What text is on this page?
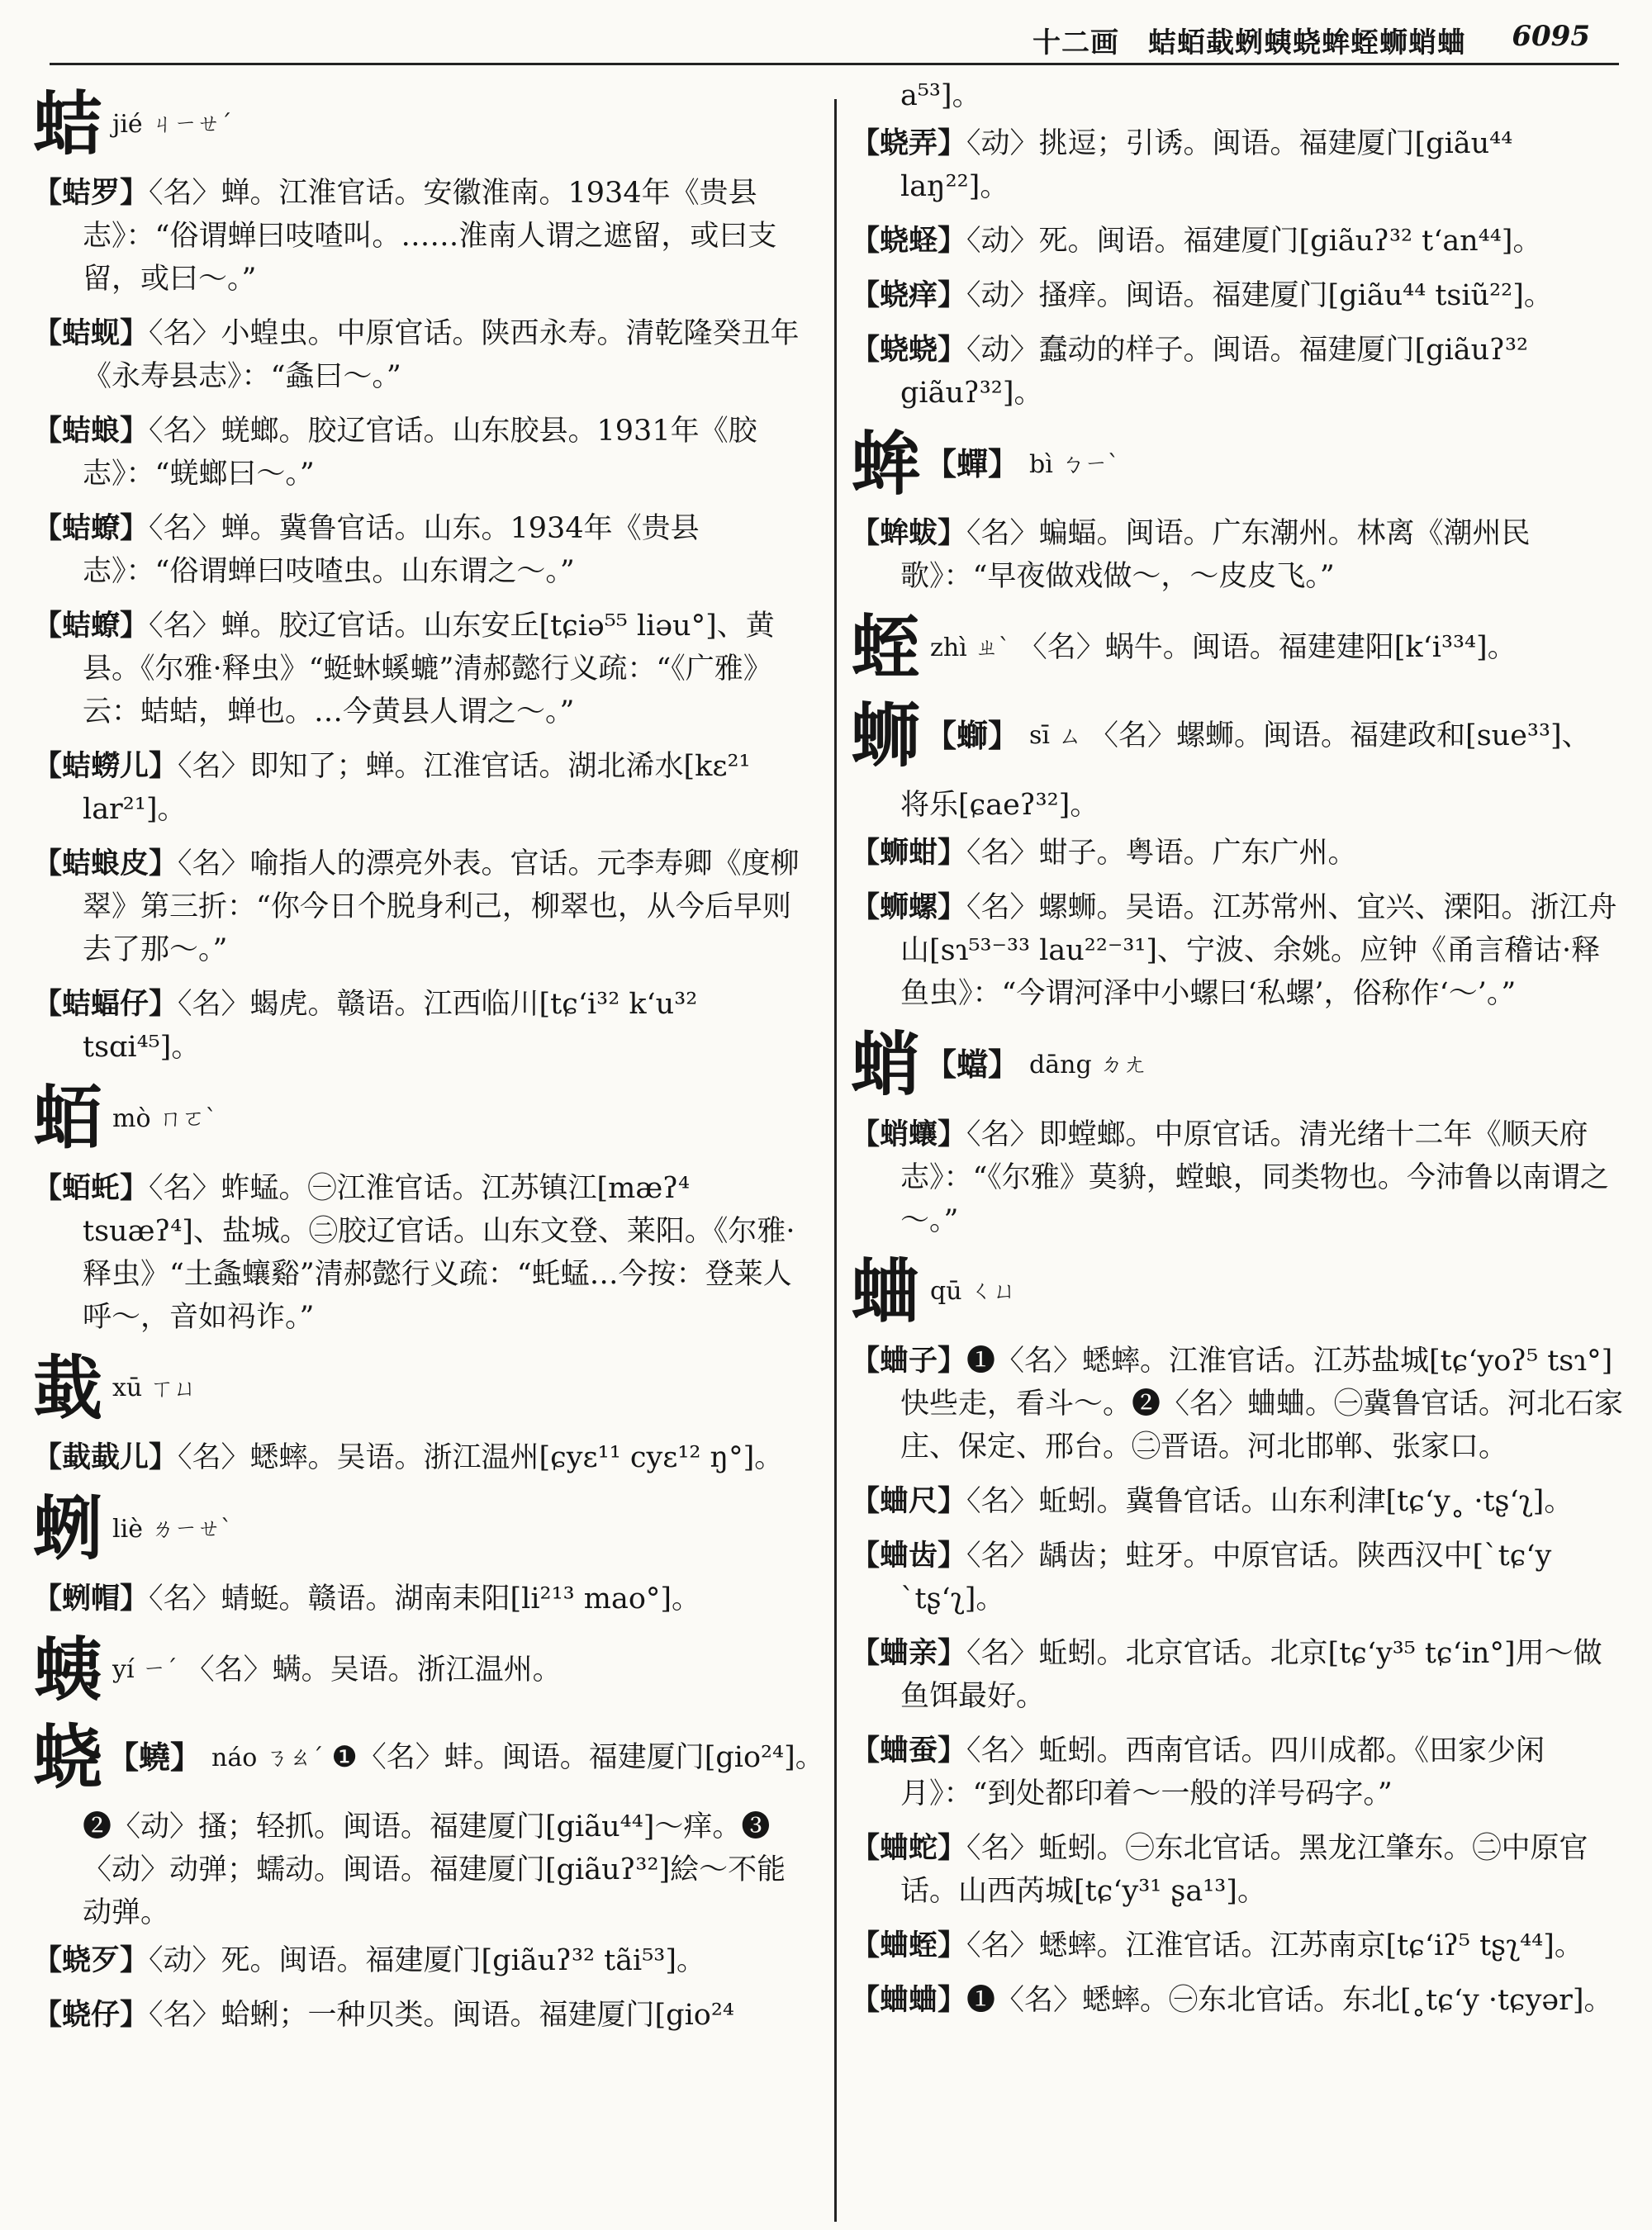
十二画　蛣蛨蛓蛚蛦蛲蛑蛭蛳蛸蛐 6095
蛣jié ㄐㄧㄝˊ

【蛣罗】〈名〉蝉。江淮官话。安徽淮南。1934年《贵县志》：“俗谓蝉曰吱喳叫。……淮南人谓之遮留，或曰支留，或曰～。”

【蛣蚬】〈名〉小蝗虫。中原官话。陕西永寿。清乾隆癸丑年《永寿县志》：“螽曰～。”

【蛣蜋】〈名〉蜣螂。胶辽官话。山东胶县。1931年《胶志》：“蜣螂曰～。”

【蛣蟟】〈名〉蝉。冀鲁官话。山东。1934年《贵县志》：“俗谓蝉曰吱喳虫。山东谓之～。”

【蛣蟟】〈名〉蝉。胶辽官话。山东安丘[tɕiə⁵⁵ liəu°]、黄县。《尔雅·释虫》“蜓蚞螇螰”清郝懿行义疏：“《广雅》云：蛣蛣，蝉也。…今黄县人谓之～。”

【蛣蟧儿】〈名〉即知了；蝉。江淮官话。湖北浠水[kɛ²¹ lar²¹]。

【蛣蜋皮】〈名〉喻指人的漂亮外表。官话。元李寿卿《度柳翠》第三折：“你今日个脱身利己，柳翠也，从今后早则去了那～。”

【蛣蝠仔】〈名〉蝎虎。赣语。江西临川[tɕʻi³² kʻu³² tsɑi⁴⁵]。

蛨mò ㄇㄛˋ

【蛨虴】〈名〉蚱蜢。㊀江淮官话。江苏镇江[mæʔ⁴ tsuæʔ⁴]、盐城。㊁胶辽官话。山东文登、莱阳。《尔雅·释虫》“土螽蠰谿”清郝懿行义疏：“虴蜢…今按：登莱人呼～，音如祃诈。”

蛓xū ㄒㄩ

【蛓蛓儿】〈名〉蟋蟀。吴语。浙江温州[ɕyɛ¹¹ cyɛ¹² ŋ°]。

蛚liè ㄌㄧㄝˋ

【蛚帽】〈名〉蜻蜓。赣语。湖南耒阳[li²¹³ mao°]。

蛦yí ㄧˊ 〈名〉螨。吴语。浙江温州。
蛲 【蟯】 náo ㄋㄠˊ ❶〈名〉蚌。闽语。福建厦门[gio²⁴]。

❷〈动〉搔；轻抓。闽语。福建厦门[giãu⁴⁴]～痒。❸〈动〉动弹；蠕动。闽语。福建厦门[giãuʔ³²]絵～不能动弹。

【蛲歹】〈动〉死。闽语。福建厦门[giãuʔ³² tãi⁵³]。

【蛲仔】〈名〉蛤蜊；一种贝类。闽语。福建厦门[gio²⁴

a⁵³]。

【蛲弄】〈动〉挑逗；引诱。闽语。福建厦门[giãu⁴⁴ laŋ²²]。

【蛲蛏】〈动〉死。闽语。福建厦门[giãuʔ³² tʻan⁴⁴]。

【蛲痒】〈动〉搔痒。闽语。福建厦门[giãu⁴⁴ tsiũ²²]。

【蛲蛲】〈动〉蠢动的样子。闽语。福建厦门[giãuʔ³² giãuʔ³²]。

蛑 【蟬】 bì ㄅㄧˋ

【蛑蛂】〈名〉蝙蝠。闽语。广东潮州。林离《潮州民歌》：“早夜做戏做～，～皮皮飞。”

蛭zhì ㄓˋ 〈名〉蜗牛。闽语。福建建阳[kʻi³³⁴]。
蛳 【螄】 sī ㄙ 〈名〉螺蛳。闽语。福建政和[sue³³]、

将乐[ɕaeʔ³²]。

【蛳蚶】〈名〉蚶子。粤语。广东广州。

【蛳螺】〈名〉螺蛳。吴语。江苏常州、宜兴、溧阳。浙江舟山[sɿ⁵³⁻³³ lau²²⁻³¹]、宁波、余姚。应钟《甬言稽诂·释鱼虫》：“今谓河泽中小螺曰‘私螺’，俗称作‘～’。”

蛸 【蟷】 dāng ㄉㄤ

【蛸蠰】〈名〉即螳螂。中原官话。清光绪十二年《顺天府志》：“《尔雅》莫貈，螳蜋，同类物也。今沛鲁以南谓之～。”

蛐qū ㄑㄩ

【蛐子】❶〈名〉蟋蟀。江淮官话。江苏盐城[tɕʻyoʔ⁵ tsɿ°]快些走，看斗～。❷〈名〉蛐蛐。㊀冀鲁官话。河北石家庄、保定、邢台。㊁晋语。河北邯郸、张家口。

【蛐尺】〈名〉蚯蚓。冀鲁官话。山东利津[tɕʻy˳ ·tʂʻʅ]。

【蛐齿】〈名〉龋齿；蛀牙。中原官话。陕西汉中[ˋtɕʻy ˋtʂʻʅ]。

【蛐亲】〈名〉蚯蚓。北京官话。北京[tɕʻy³⁵ tɕʻin°]用～做鱼饵最好。

【蛐蚕】〈名〉蚯蚓。西南官话。四川成都。《田家少闲月》：“到处都印着～一般的洋号码字。”

【蛐蛇】〈名〉蚯蚓。㊀东北官话。黑龙江肇东。㊁中原官话。山西芮城[tɕʻy³¹ ʂa¹³]。

【蛐蛭】〈名〉蟋蟀。江淮官话。江苏南京[tɕʻiʔ⁵ tʂʅ⁴⁴]。

【蛐蛐】❶〈名〉蟋蟀。㊀东北官话。东北[˳tɕʻy ·tɕyər]。
